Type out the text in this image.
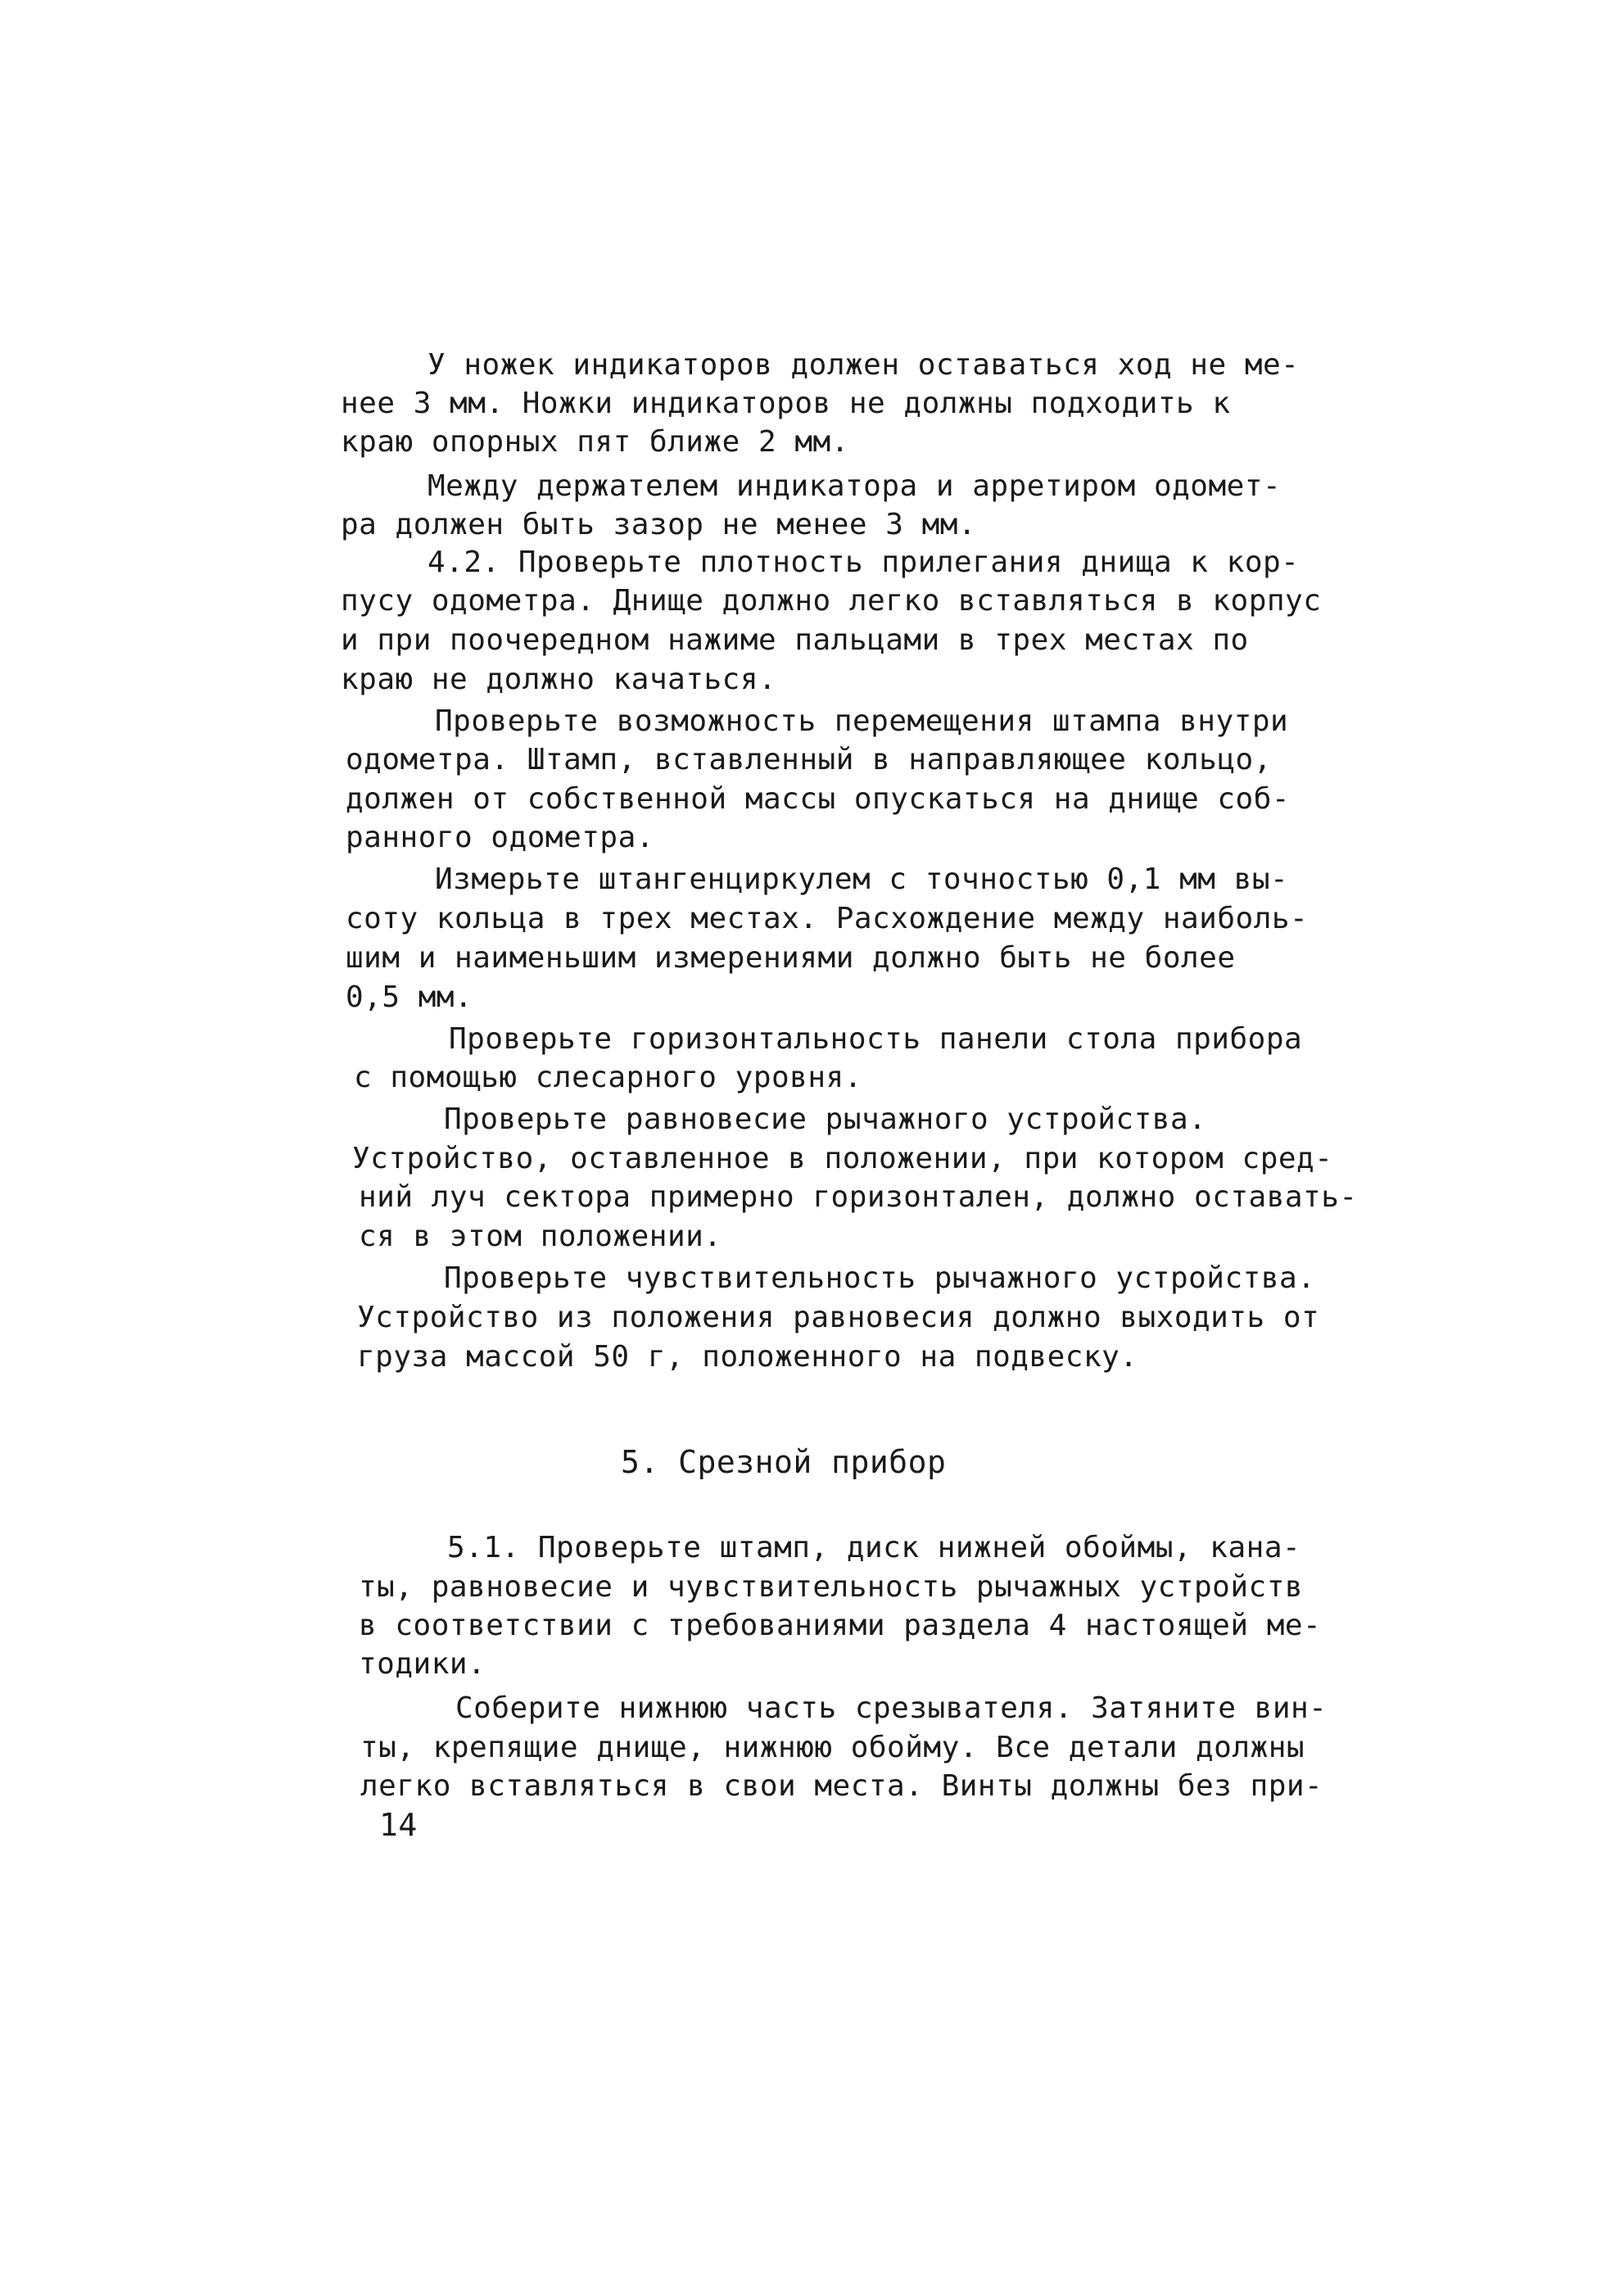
У ножек индикаторов должен оставаться ход не ме-

нее 3 мм. Ножки индикаторов не должны подходить к

краю опорных пят ближе 2 мм.

Между держателем индикатора и арретиром одомет-

ра должен быть зазор не менее 3 мм.

4.2. Проверьте плотность прилегания днища к кор-

пусу одометра. Днище должно легко вставляться в корпус

и при поочередном нажиме пальцами в трех местах по

краю не должно качаться.

Проверьте возможность перемещения штампа внутри

одометра. Штамп, вставленный в направляющее кольцо,

должен от собственной массы опускаться на днище соб-

ранного одометра.

Измерьте штангенциркулем с точностью 0,1 мм вы-

соту кольца в трех местах. Расхождение между наиболь-

шим и наименьшим измерениями должно быть не более

0,5 мм.

Проверьте горизонтальность панели стола прибора

с помощью слесарного уровня.

Проверьте равновесие рычажного устройства.

Устройство, оставленное в положении, при котором сред-

ний луч сектора примерно горизонтален, должно оставать-

ся в этом положении.

Проверьте чувствительность рычажного устройства.

Устройство из положения равновесия должно выходить от

груза массой 50 г, положенного на подвеску.

5. Срезной прибор

5.1. Проверьте штамп, диск нижней обоймы, кана-

ты, равновесие и чувствительность рычажных устройств

в соответствии с требованиями раздела 4 настоящей ме-

тодики.

Соберите нижнюю часть срезывателя. Затяните вин-

ты, крепящие днище, нижнюю обойму. Все детали должны

легко вставляться в свои места. Винты должны без при-

14
